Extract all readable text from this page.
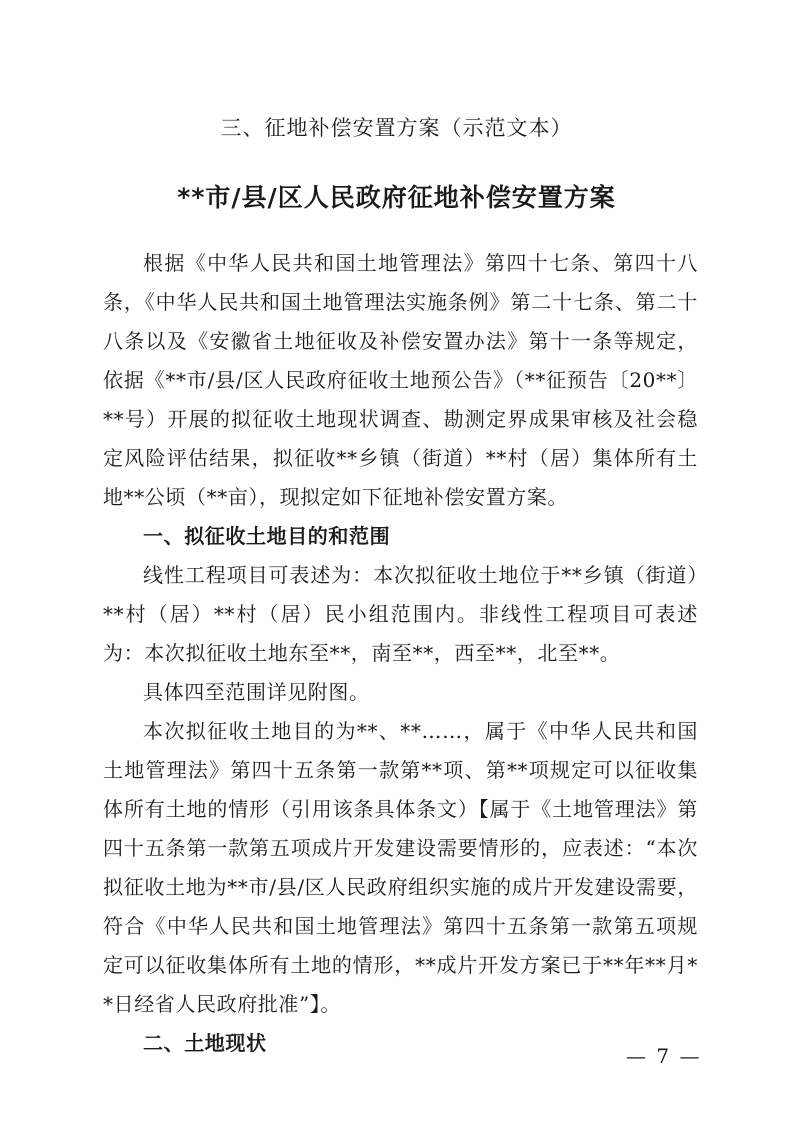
三、征地补偿安置方案（示范文本）
**市/县/区人民政府征地补偿安置方案

根据《中华人民共和国土地管理法》第四十七条、第四十八条，《中华人民共和国土地管理法实施条例》第二十七条、第二十八条以及《安徽省土地征收及补偿安置办法》第十一条等规定，依据《**市/县/区人民政府征收土地预公告》（**征预告〔20**〕**号）开展的拟征收土地现状调查、勘测定界成果审核及社会稳定风险评估结果，拟征收**乡镇（街道）**村（居）集体所有土地**公顷（**亩），现拟定如下征地补偿安置方案。

一、拟征收土地目的和范围

线性工程项目可表述为：本次拟征收土地位于**乡镇（街道）**村（居）**村（居）民小组范围内。非线性工程项目可表述为：本次拟征收土地东至**，南至**，西至**，北至**。

具体四至范围详见附图。

本次拟征收土地目的为**、**……，属于《中华人民共和国土地管理法》第四十五条第一款第**项、第**项规定可以征收集体所有土地的情形（引用该条具体条文）【属于《土地管理法》第四十五条第一款第五项成片开发建设需要情形的，应表述：“本次拟征收土地为**市/县/区人民政府组织实施的成片开发建设需要，符合《中华人民共和国土地管理法》第四十五条第一款第五项规定可以征收集体所有土地的情形，**成片开发方案已于**年**月**日经省人民政府批准”】。

二、土地现状

— 7 —
